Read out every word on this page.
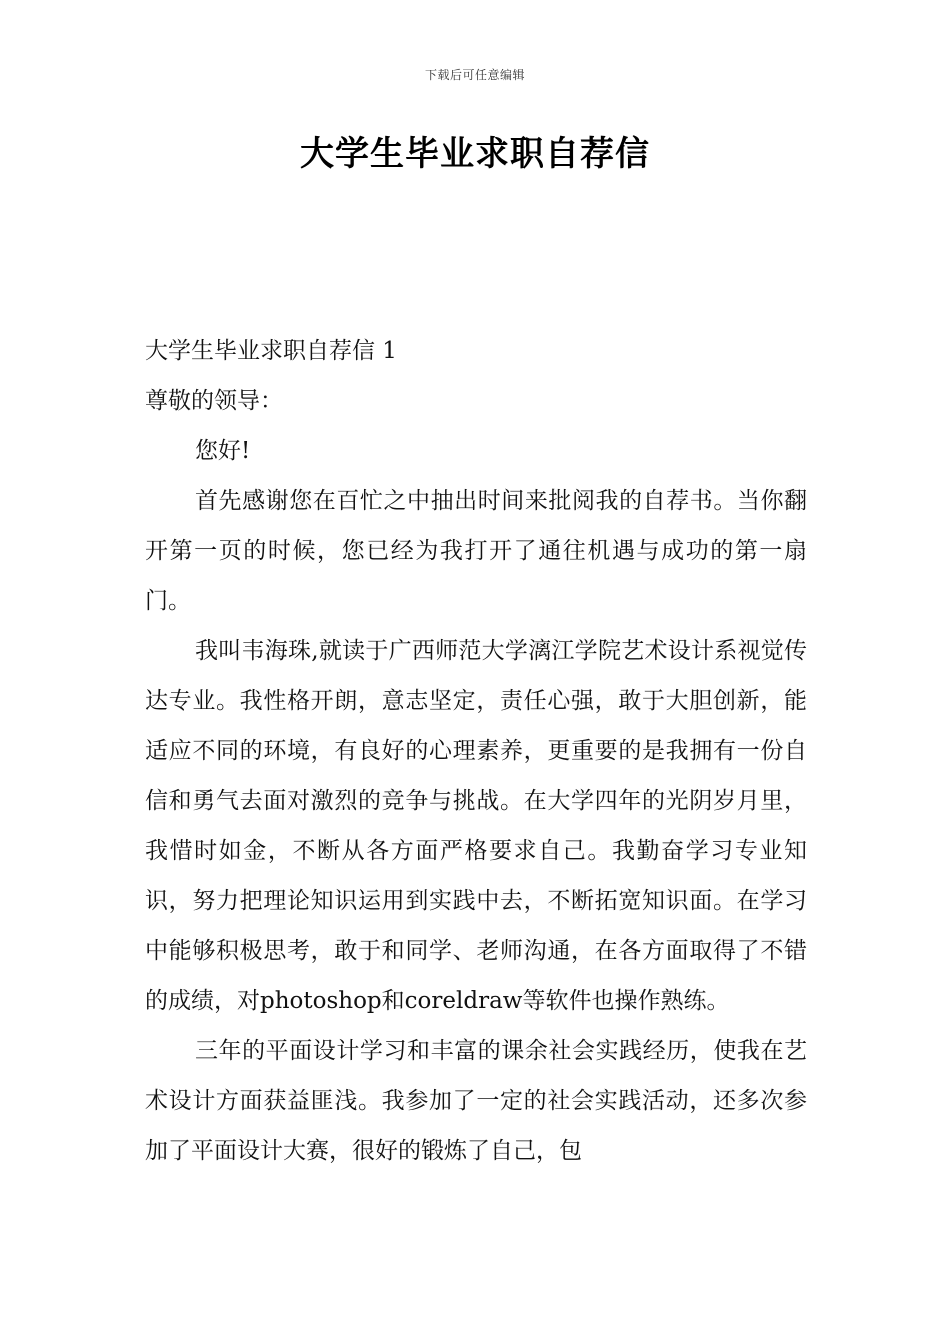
下载后可任意编辑
大学生毕业求职自荐信

大学生毕业求职自荐信 1

尊敬的领导：

您好!

首先感谢您在百忙之中抽出时间来批阅我的自荐书。当你翻开第一页的时候，您已经为我打开了通往机遇与成功的第一扇门。

我叫韦海珠,就读于广西师范大学漓江学院艺术设计系视觉传达专业。我性格开朗，意志坚定，责任心强，敢于大胆创新，能适应不同的环境，有良好的心理素养，更重要的是我拥有一份自信和勇气去面对激烈的竞争与挑战。在大学四年的光阴岁月里，我惜时如金，不断从各方面严格要求自己。我勤奋学习专业知识，努力把理论知识运用到实践中去，不断拓宽知识面。在学习中能够积极思考，敢于和同学、老师沟通，在各方面取得了不错的成绩，对photoshop和coreldraw等软件也操作熟练。

三年的平面设计学习和丰富的课余社会实践经历，使我在艺术设计方面获益匪浅。我参加了一定的社会实践活动，还多次参加了平面设计大赛，很好的锻炼了自己，包
